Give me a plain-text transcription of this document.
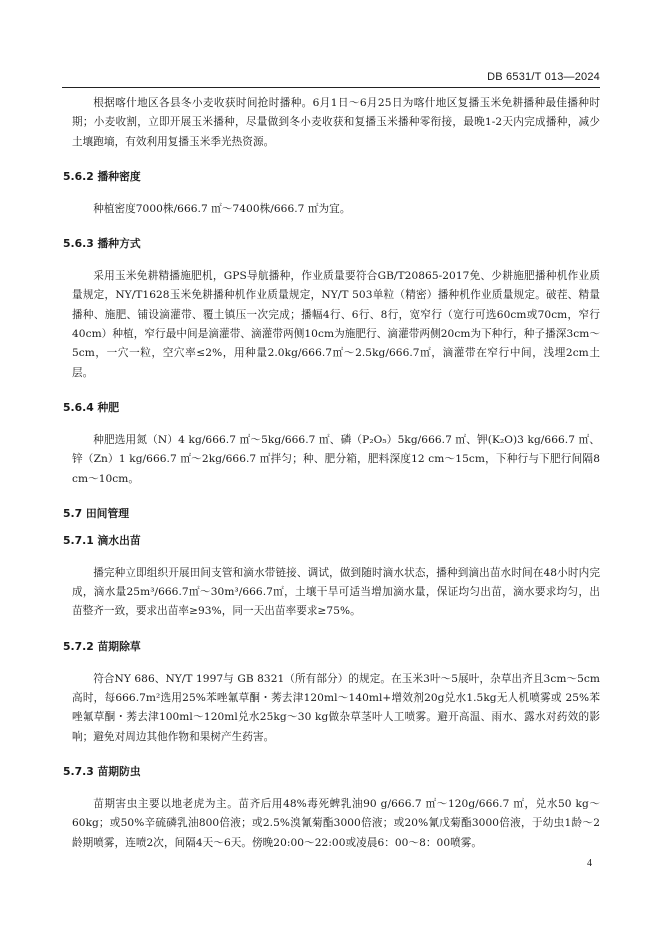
DB 6531/T 013—2024

根据喀什地区各县冬小麦收获时间抢时播种。6月1日～6月25日为喀什地区复播玉米免耕播种最佳播种时期；小麦收割，立即开展玉米播种，尽量做到冬小麦收获和复播玉米播种零衔接，最晚1-2天内完成播种，减少土壤跑墒，有效利用复播玉米季光热资源。

5.6.2 播种密度

种植密度7000株/666.7 ㎡～7400株/666.7 ㎡为宜。

5.6.3 播种方式

采用玉米免耕精播施肥机，GPS导航播种，作业质量要符合GB/T20865-2017免、少耕施肥播种机作业质量规定，NY/T1628玉米免耕播种机作业质量规定，NY/T 503单粒（精密）播种机作业质量规定。破茬、精量播种、施肥、铺设滴灌带、覆土镇压一次完成；播幅4行、6行、8行，宽窄行（宽行可选60cm或70cm，窄行40cm）种植，窄行最中间是滴灌带、滴灌带两侧10cm为施肥行、滴灌带两侧20cm为下种行，种子播深3cm～5cm，一穴一粒，空穴率≤2%，用种量2.0kg/666.7㎡～2.5kg/666.7㎡，滴灌带在窄行中间，浅埋2cm土层。

5.6.4 种肥

种肥选用氮（N）4 kg/666.7 ㎡～5kg/666.7 ㎡、磷（P₂O₅）5kg/666.7 ㎡、钾(K₂O)3 kg/666.7 ㎡、锌（Zn）1 kg/666.7 ㎡～2kg/666.7 ㎡拌匀；种、肥分箱，肥料深度12 cm～15cm，下种行与下肥行间隔8 cm～10cm。

5.7 田间管理
5.7.1 滴水出苗

播完种立即组织开展田间支管和滴水带链接、调试，做到随时滴水状态，播种到滴出苗水时间在48小时内完成，滴水量25m³/666.7㎡～30m³/666.7㎡，土壤干旱可适当增加滴水量，保证均匀出苗，滴水要求均匀，出苗整齐一致，要求出苗率≥93%，同一天出苗率要求≥75%。

5.7.2 苗期除草

符合NY 686、NY/T 1997与 GB 8321（所有部分）的规定。在玉米3叶～5展叶，杂草出齐且3cm～5cm高时，每666.7m²选用25%苯唑氟草酮・莠去津120ml～140ml+增效剂20g兑水1.5kg无人机喷雾或 25%苯唑氟草酮・莠去津100ml～120ml兑水25kg～30 kg做杂草茎叶人工喷雾。避开高温、雨水、露水对药效的影响；避免对周边其他作物和果树产生药害。

5.7.3 苗期防虫

苗期害虫主要以地老虎为主。苗齐后用48%毒死蜱乳油90 g/666.7 ㎡～120g/666.7 ㎡，兑水50 kg～60kg；或50%辛硫磷乳油800倍液；或2.5%溴氰菊酯3000倍液；或20%氰戊菊酯3000倍液，于幼虫1龄～2龄期喷雾，连喷2次，间隔4天～6天。傍晚20:00～22:00或凌晨6：00～8：00喷雾。

4
